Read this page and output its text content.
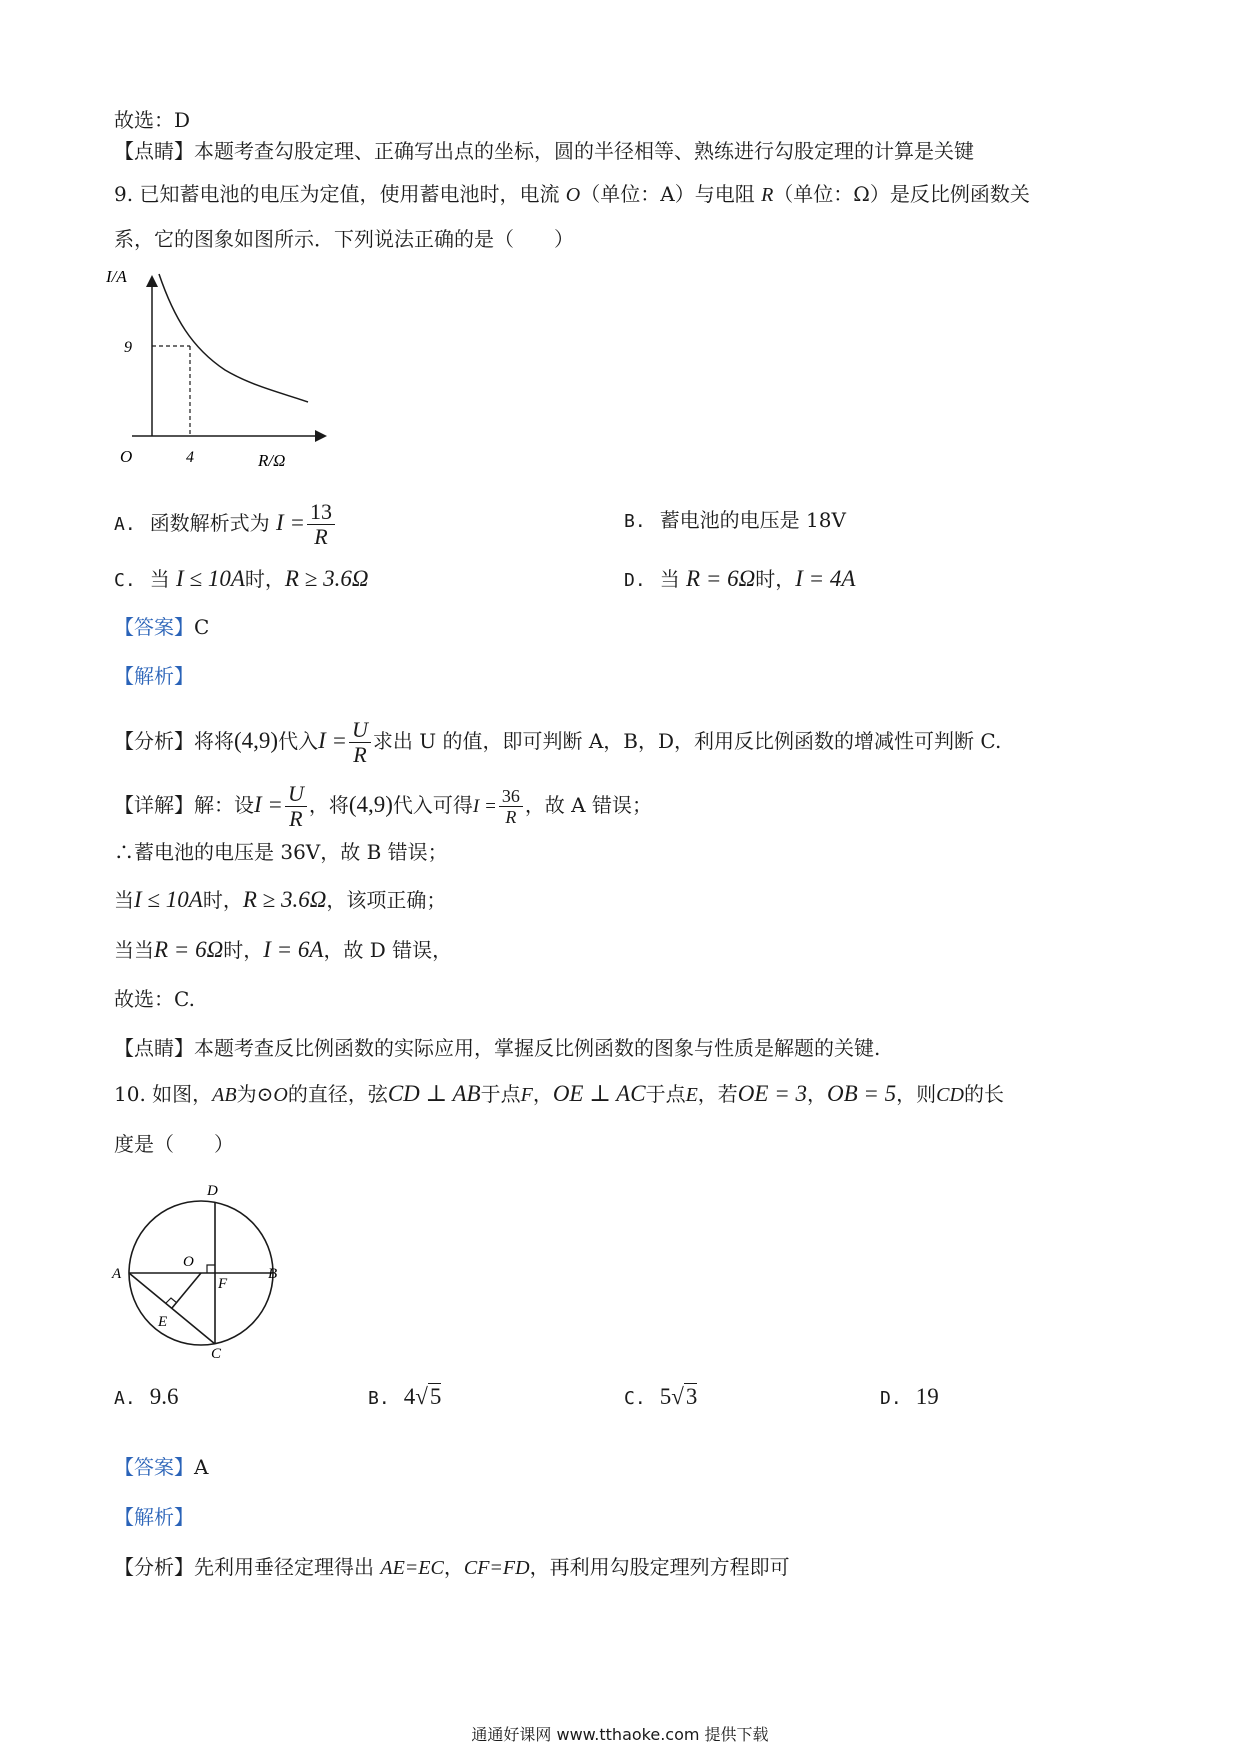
故选：D
【点睛】本题考查勾股定理、正确写出点的坐标，圆的半径相等、熟练进行勾股定理的计算是关键
9. 已知蓄电池的电压为定值，使用蓄电池时，电流 O（单位：A）与电阻 R（单位：Ω）是反比例函数关
系，它的图象如图所示．下列说法正确的是（　　）
I/A
9
O	4	R/Ω
A. 函数解析式为 $I = \frac{13}{R}$	B. 蓄电池的电压是 18V
C. 当 I ≤ 10A时，R ≥ 3.6Ω	D. 当 R = 6Ω时，I = 4A
【答案】C
【解析】
【分析】将将(4,9)代入$I = \frac{U}{R}$ 求出 U 的值，即可判断 A，B，D，利用反比例函数的增减性可判断 C.
【详解】解：设$I = \frac{U}{R}$ ，将(4,9)代入可得$I = \frac{36}{R}$ ，故 A 错误；
∴蓄电池的电压是 36V，故 B 错误；
当I ≤ 10A时，R ≥ 3.6Ω，该项正确；
当当R = 6Ω时，I = 6A，故 D 错误，
故选：C.
【点睛】本题考查反比例函数的实际应用，掌握反比例函数的图象与性质是解题的关键.
10. 如图，AB为⊙O的直径，弦CD ⊥ AB于点F，OE ⊥ AC于点E，若OE = 3，OB = 5，则CD的长
度是（　　）
D
A
O
F
B
E
C
A. 9.6	B. 4√5	C. 5√3	D. 19
【答案】A
【解析】
【分析】先利用垂径定理得出 AE=EC，CF=FD，再利用勾股定理列方程即可
通通好课网 www.tthaoke.com 提供下载
